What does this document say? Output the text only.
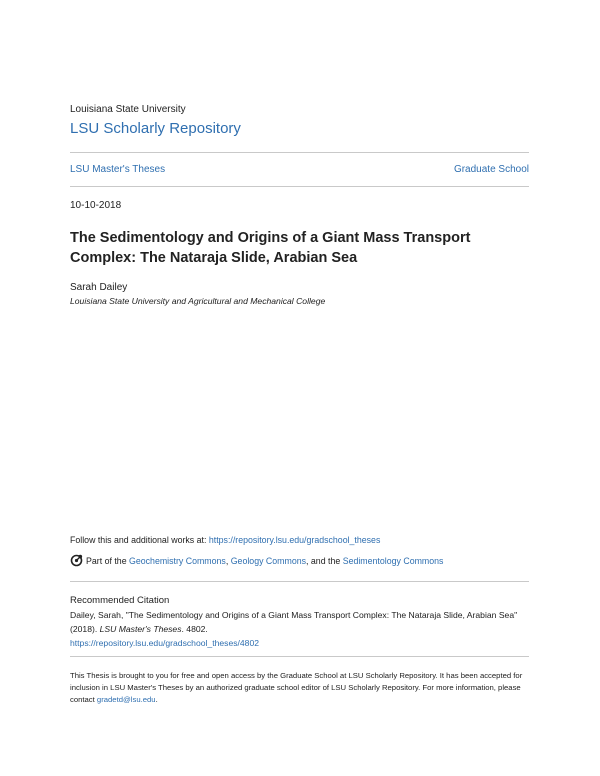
Louisiana State University
LSU Scholarly Repository
LSU Master's Theses	Graduate School
10-10-2018
The Sedimentology and Origins of a Giant Mass Transport Complex: The Nataraja Slide, Arabian Sea
Sarah Dailey
Louisiana State University and Agricultural and Mechanical College
Follow this and additional works at: https://repository.lsu.edu/gradschool_theses
Part of the Geochemistry Commons, Geology Commons, and the Sedimentology Commons
Recommended Citation
Dailey, Sarah, "The Sedimentology and Origins of a Giant Mass Transport Complex: The Nataraja Slide, Arabian Sea" (2018). LSU Master's Theses. 4802.
https://repository.lsu.edu/gradschool_theses/4802
This Thesis is brought to you for free and open access by the Graduate School at LSU Scholarly Repository. It has been accepted for inclusion in LSU Master's Theses by an authorized graduate school editor of LSU Scholarly Repository. For more information, please contact gradetd@lsu.edu.
